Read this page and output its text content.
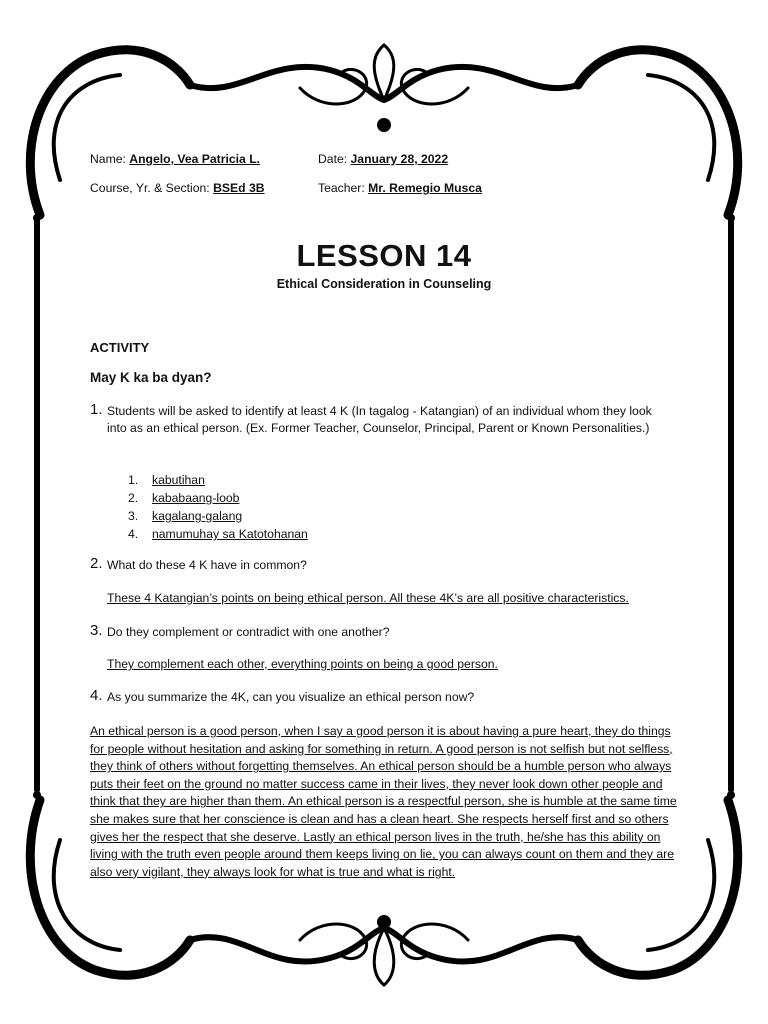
Name: Angelo, Vea Patricia L.	Date: January 28, 2022
Course, Yr. & Section: BSEd 3B	Teacher: Mr. Remegio Musca
LESSON 14
Ethical Consideration in Counseling
ACTIVITY
May K ka ba dyan?
1. Students will be asked to identify at least 4 K (In tagalog - Katangian) of an individual whom they look
into as an ethical person. (Ex. Former Teacher, Counselor, Principal, Parent or Known Personalities.)
1.	kabutihan
2.	kababaang-loob
3.	kagalang-galang
4.	namumuhay sa Katotohanan
2. What do these 4 K have in common?
These 4 Katangian’s points on being ethical person. All these 4K’s are all positive characteristics.
3. Do they complement or contradict with one another?
They complement each other, everything points on being a good person.
4. As you summarize the 4K, can you visualize an ethical person now?
An ethical person is a good person, when I say a good person it is about having a pure heart, they do things for people without hesitation and asking for something in return. A good person is not selfish but not selfless, they think of others without forgetting themselves. An ethical person should be a humble person who always puts their feet on the ground no matter success came in their lives, they never look down other people and think that they are higher than them. An ethical person is a respectful person, she is humble at the same time she makes sure that her conscience is clean and has a clean heart. She respects herself first and so others gives her the respect that she deserve. Lastly an ethical person lives in the truth, he/she has this ability on living with the truth even people around them keeps living on lie, you can always count on them and they are also very vigilant, they always look for what is true and what is right.
